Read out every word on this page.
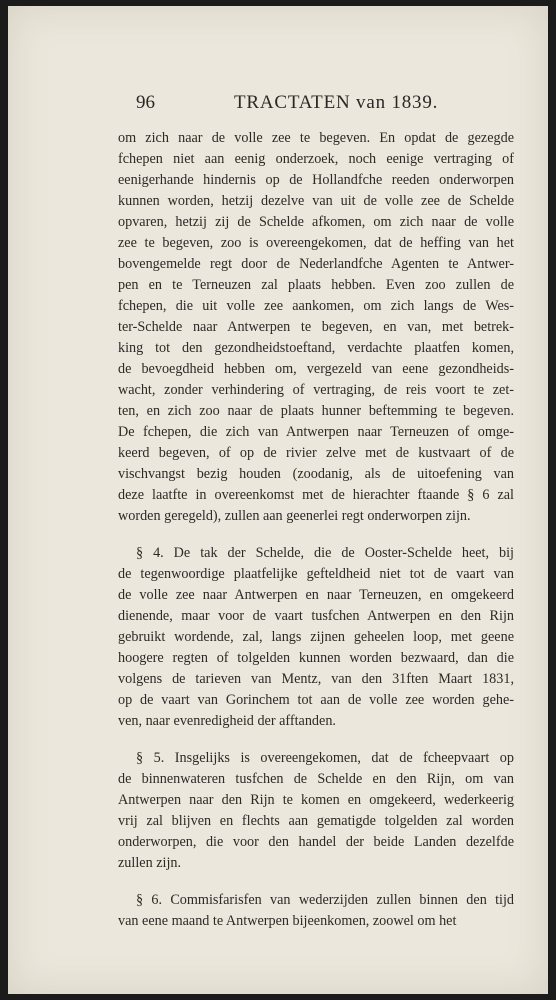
96	TRACTATEN van 1839.
om zich naar de volle zee te begeven. En opdat de gezegde
fchepen niet aan eenig onderzoek, noch eenige vertraging of
eenigerhande hindernis op de Hollandfche reeden onderworpen
kunnen worden, hetzij dezelve van uit de volle zee de Schelde
opvaren, hetzij zij de Schelde afkomen, om zich naar de volle
zee te begeven, zoo is overeengekomen, dat de heffing van het
bovengemelde regt door de Nederlandfche Agenten te Antwer-
pen en te Terneuzen zal plaats hebben. Even zoo zullen de
fchepen, die uit volle zee aankomen, om zich langs de Wes-
ter-Schelde naar Antwerpen te begeven, en van, met betrek-
king tot den gezondheidstoeftand, verdachte plaatfen komen,
de bevoegdheid hebben om, vergezeld van eene gezondheids-
wacht, zonder verhindering of vertraging, de reis voort te zet-
ten, en zich zoo naar de plaats hunner beftemming te begeven.
De fchepen, die zich van Antwerpen naar Terneuzen of omge-
keerd begeven, of op de rivier zelve met de kustvaart of de
vischvangst bezig houden (zoodanig, als de uitoefening van
deze laatfte in overeenkomst met de hierachter ftaande § 6 zal
worden geregeld), zullen aan geenerlei regt onderworpen zijn.
§ 4. De tak der Schelde, die de Ooster-Schelde heet, bij
de tegenwoordige plaatfelijke gefteldheid niet tot de vaart van
de volle zee naar Antwerpen en naar Terneuzen, en omgekeerd
dienende, maar voor de vaart tusfchen Antwerpen en den Rijn
gebruikt wordende, zal, langs zijnen geheelen loop, met geene
hoogere regten of tolgelden kunnen worden bezwaard, dan die
volgens de tarieven van Mentz, van den 31ften Maart 1831,
op de vaart van Gorinchem tot aan de volle zee worden gehe-
ven, naar evenredigheid der afftanden.
§ 5. Insgelijks is overeengekomen, dat de fcheepvaart op
de binnenwateren tusfchen de Schelde en den Rijn, om van
Antwerpen naar den Rijn te komen en omgekeerd, wederkeerig
vrij zal blijven en flechts aan gematigde tolgelden zal worden
onderworpen, die voor den handel der beide Landen dezelfde
zullen zijn.
§ 6. Commisfarisfen van wederzijden zullen binnen den tijd
van eene maand te Antwerpen bijeenkomen, zoowel om het
